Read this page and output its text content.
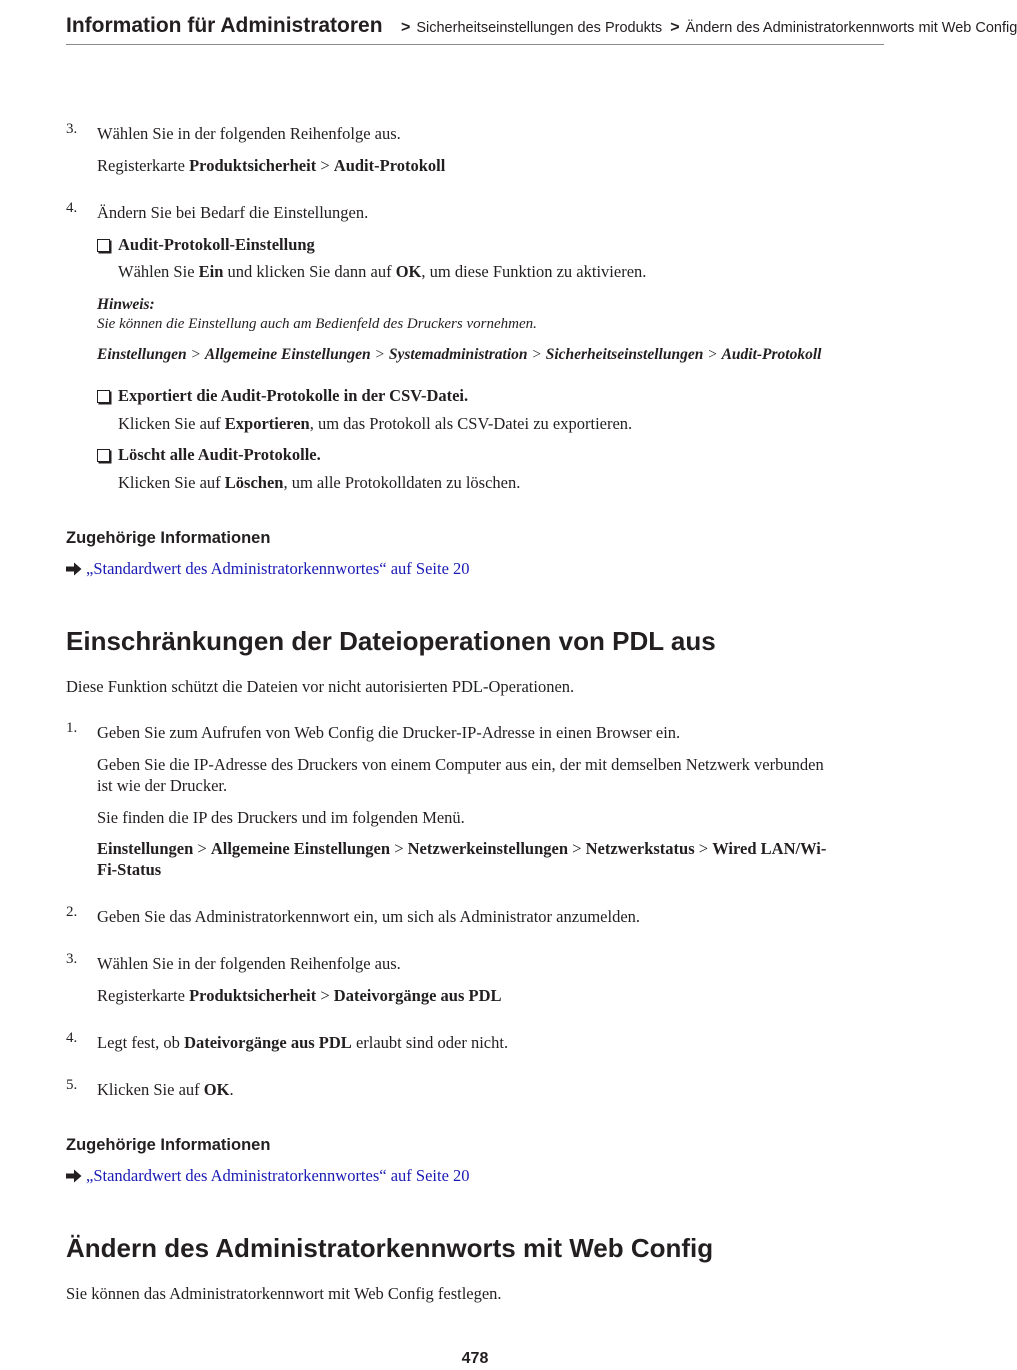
Information für Administratoren	> Sicherheitseinstellungen des Produkts > Ändern des Administratorkennworts mit Web Config
3. Wählen Sie in der folgenden Reihenfolge aus.
Registerkarte Produktsicherheit > Audit-Protokoll
4. Ändern Sie bei Bedarf die Einstellungen.
Audit-Protokoll-Einstellung
Wählen Sie Ein und klicken Sie dann auf OK, um diese Funktion zu aktivieren.
Hinweis:
Sie können die Einstellung auch am Bedienfeld des Druckers vornehmen.
Einstellungen > Allgemeine Einstellungen > Systemadministration > Sicherheitseinstellungen > Audit-Protokoll
Exportiert die Audit-Protokolle in der CSV-Datei.
Klicken Sie auf Exportieren, um das Protokoll als CSV-Datei zu exportieren.
Löscht alle Audit-Protokolle.
Klicken Sie auf Löschen, um alle Protokolldaten zu löschen.
Zugehörige Informationen
„Standardwert des Administratorkennwortes“ auf Seite 20
Einschränkungen der Dateioperationen von PDL aus
Diese Funktion schützt die Dateien vor nicht autorisierten PDL-Operationen.
1. Geben Sie zum Aufrufen von Web Config die Drucker-IP-Adresse in einen Browser ein.
Geben Sie die IP-Adresse des Druckers von einem Computer aus ein, der mit demselben Netzwerk verbunden
ist wie der Drucker.
Sie finden die IP des Druckers und im folgenden Menü.
Einstellungen > Allgemeine Einstellungen > Netzwerkeinstellungen > Netzwerkstatus > Wired LAN/Wi-
Fi-Status
2. Geben Sie das Administratorkennwort ein, um sich als Administrator anzumelden.
3. Wählen Sie in der folgenden Reihenfolge aus.
Registerkarte Produktsicherheit > Dateivorgänge aus PDL
4. Legt fest, ob Dateivorgänge aus PDL erlaubt sind oder nicht.
5. Klicken Sie auf OK.
Zugehörige Informationen
„Standardwert des Administratorkennwortes“ auf Seite 20
Ändern des Administratorkennworts mit Web Config
Sie können das Administratorkennwort mit Web Config festlegen.
478
